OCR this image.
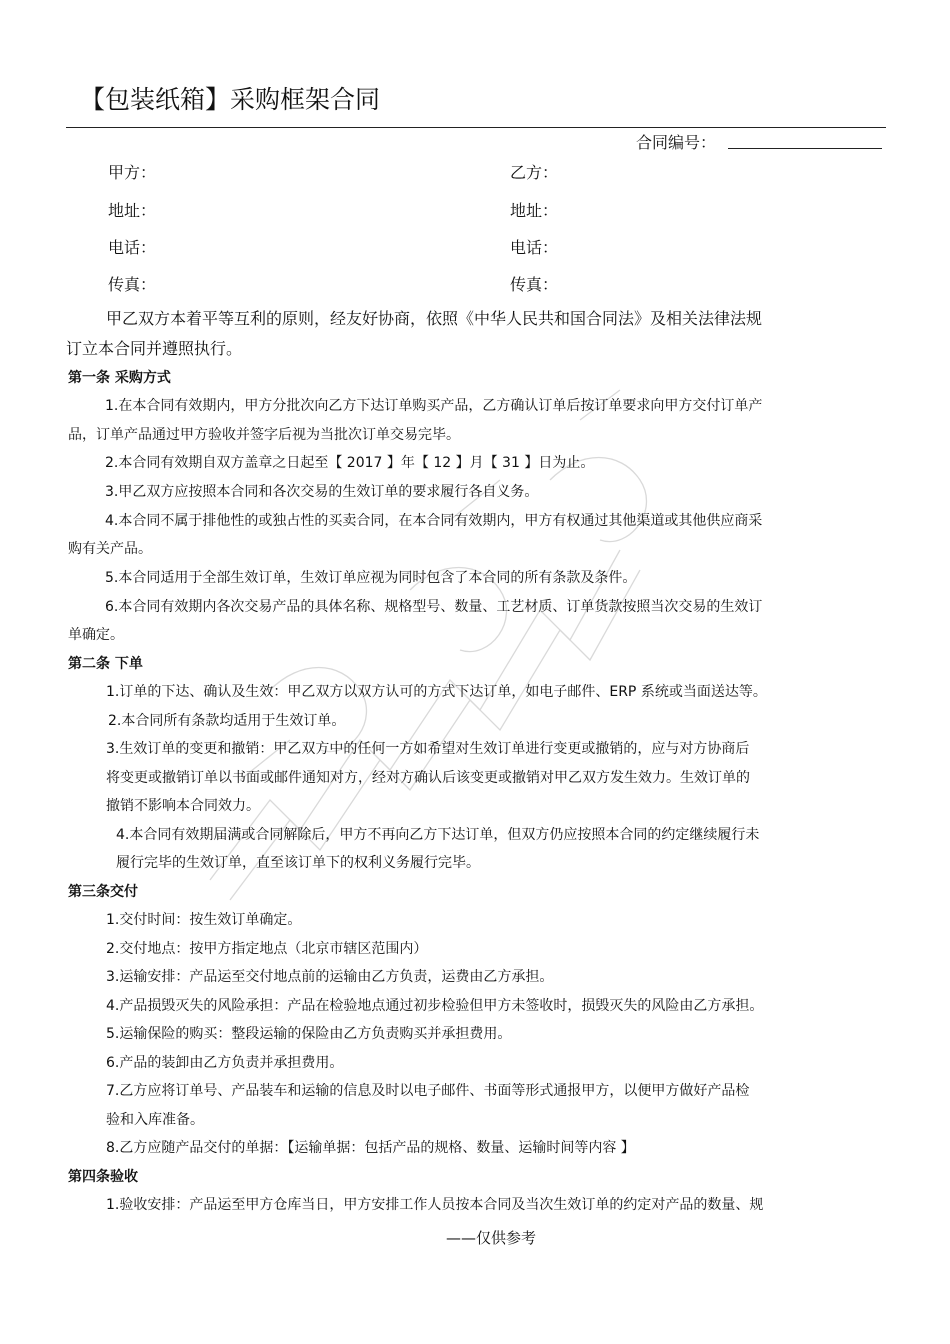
【包装纸箱】采购框架合同
合同编号：
甲方：	乙方：
地址：	地址：
电话：	电话：
传真：	传真：
甲乙双方本着平等互利的原则，经友好协商，依照《中华人民共和国合同法》及相关法律法规
订立本合同并遵照执行。
第一条 采购方式
1.在本合同有效期内，甲方分批次向乙方下达订单购买产品，乙方确认订单后按订单要求向甲方交付订单产
品，订单产品通过甲方验收并签字后视为当批次订单交易完毕。
2.本合同有效期自双方盖章之日起至【 2017 】年【 12 】月【 31 】日为止。
3.甲乙双方应按照本合同和各次交易的生效订单的要求履行各自义务。
4.本合同不属于排他性的或独占性的买卖合同，在本合同有效期内，甲方有权通过其他渠道或其他供应商采
购有关产品。
5.本合同适用于全部生效订单，生效订单应视为同时包含了本合同的所有条款及条件。
6.本合同有效期内各次交易产品的具体名称、规格型号、数量、工艺材质、订单货款按照当次交易的生效订
单确定。
第二条 下单
1.订单的下达、确认及生效：甲乙双方以双方认可的方式下达订单，如电子邮件、ERP 系统或当面送达等。
2.本合同所有条款均适用于生效订单。
3.生效订单的变更和撤销：甲乙双方中的任何一方如希望对生效订单进行变更或撤销的，应与对方协商后
将变更或撤销订单以书面或邮件通知对方，经对方确认后该变更或撤销对甲乙双方发生效力。生效订单的
撤销不影响本合同效力。
4.本合同有效期届满或合同解除后，甲方不再向乙方下达订单，但双方仍应按照本合同的约定继续履行未
履行完毕的生效订单，直至该订单下的权利义务履行完毕。
第三条交付
1.交付时间：按生效订单确定。
2.交付地点：按甲方指定地点（北京市辖区范围内）
3.运输安排：产品运至交付地点前的运输由乙方负责，运费由乙方承担。
4.产品损毁灭失的风险承担：产品在检验地点通过初步检验但甲方未签收时，损毁灭失的风险由乙方承担。
5.运输保险的购买：整段运输的保险由乙方负责购买并承担费用。
6.产品的装卸由乙方负责并承担费用。
7.乙方应将订单号、产品装车和运输的信息及时以电子邮件、书面等形式通报甲方，以便甲方做好产品检
验和入库准备。
8.乙方应随产品交付的单据：【运输单据：包括产品的规格、数量、运输时间等内容 】
第四条验收
1.验收安排：产品运至甲方仓库当日，甲方安排工作人员按本合同及当次生效订单的约定对产品的数量、规
——仅供参考
